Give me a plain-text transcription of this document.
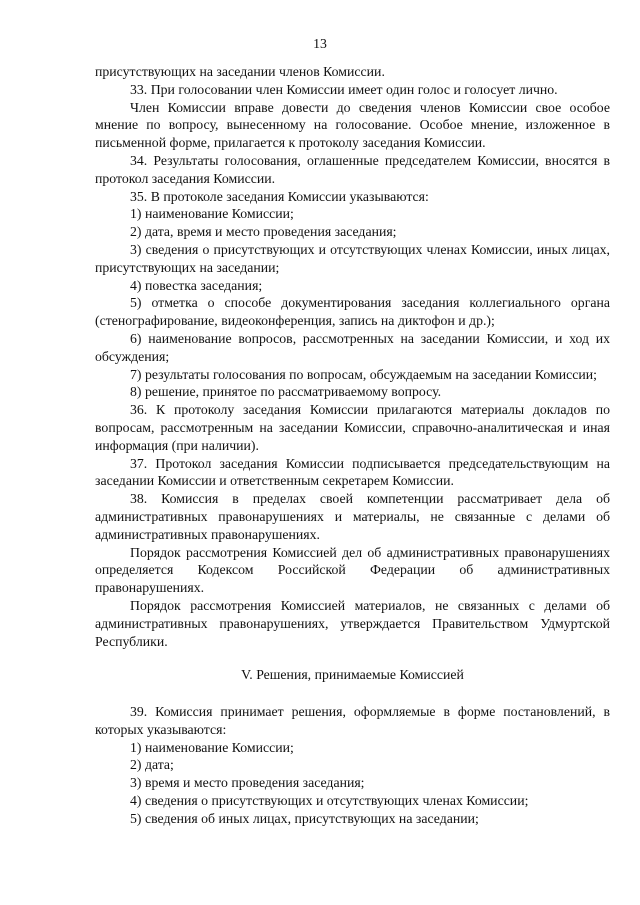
13

присутствующих на заседании членов Комиссии.

33. При голосовании член Комиссии имеет один голос и голосует лично.

Член Комиссии вправе довести до сведения членов Комиссии свое особое мнение по вопросу, вынесенному на голосование. Особое мнение, изложенное в письменной форме, прилагается к протоколу заседания Комиссии.

34. Результаты голосования, оглашенные председателем Комиссии, вносятся в протокол заседания Комиссии.

35. В протоколе заседания Комиссии указываются:

1) наименование Комиссии;

2) дата, время и место проведения заседания;

3) сведения о присутствующих и отсутствующих членах Комиссии, иных лицах, присутствующих на заседании;

4) повестка заседания;

5) отметка о способе документирования заседания коллегиального органа (стенографирование, видеоконференция, запись на диктофон и др.);

6) наименование вопросов, рассмотренных на заседании Комиссии, и ход их обсуждения;

7) результаты голосования по вопросам, обсуждаемым на заседании Комиссии;

8) решение, принятое по рассматриваемому вопросу.

36. К протоколу заседания Комиссии прилагаются материалы докладов по вопросам, рассмотренным на заседании Комиссии, справочно-аналитическая и иная информация (при наличии).

37. Протокол заседания Комиссии подписывается председательствующим на заседании Комиссии и ответственным секретарем Комиссии.

38. Комиссия в пределах своей компетенции рассматривает дела об административных правонарушениях и материалы, не связанные с делами об административных правонарушениях.

Порядок рассмотрения Комиссией дел об административных правонарушениях определяется Кодексом Российской Федерации об административных правонарушениях.

Порядок рассмотрения Комиссией материалов, не связанных с делами об административных правонарушениях, утверждается Правительством Удмуртской Республики.

V. Решения, принимаемые Комиссией

39. Комиссия принимает решения, оформляемые в форме постановлений, в которых указываются:

1) наименование Комиссии;

2) дата;

3) время и место проведения заседания;

4) сведения о присутствующих и отсутствующих членах Комиссии;

5) сведения об иных лицах, присутствующих на заседании;
